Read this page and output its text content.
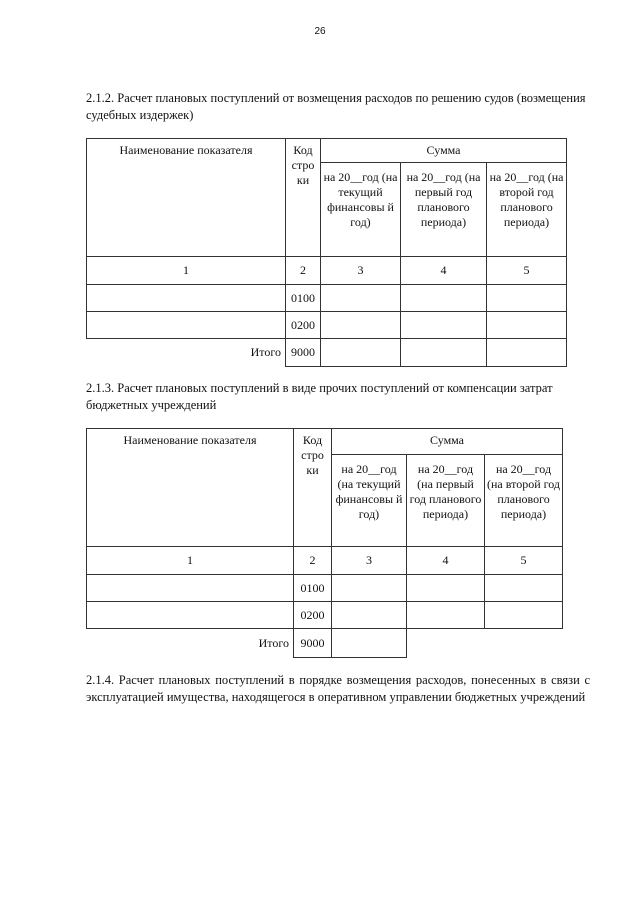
26
2.1.2. Расчет плановых поступлений от возмещения расходов по решению судов (возмещения судебных издержек)
Наименование показателя	Код стро ки	Сумма		
		на 20__год (на текущий финансовы й год)	на 20__год (на первый год планового периода)	на 20__год (на второй год планового периода)
1	2	3	4	5
	0100			
	0200			
Итого	9000			
2.1.3. Расчет плановых поступлений в виде прочих поступлений от компенсации затрат бюджетных учреждений
Наименование показателя	Код стро ки	Сумма		
		на 20__год (на текущий финансовы й год)	на 20__год (на первый год планового периода)	на 20__год (на второй год планового периода)
1	2	3	4	5
	0100			
	0200			
Итого	9000			
2.1.4. Расчет плановых поступлений в порядке возмещения расходов, понесенных в связи с эксплуатацией имущества, находящегося в оперативном управлении бюджетных учреждений
